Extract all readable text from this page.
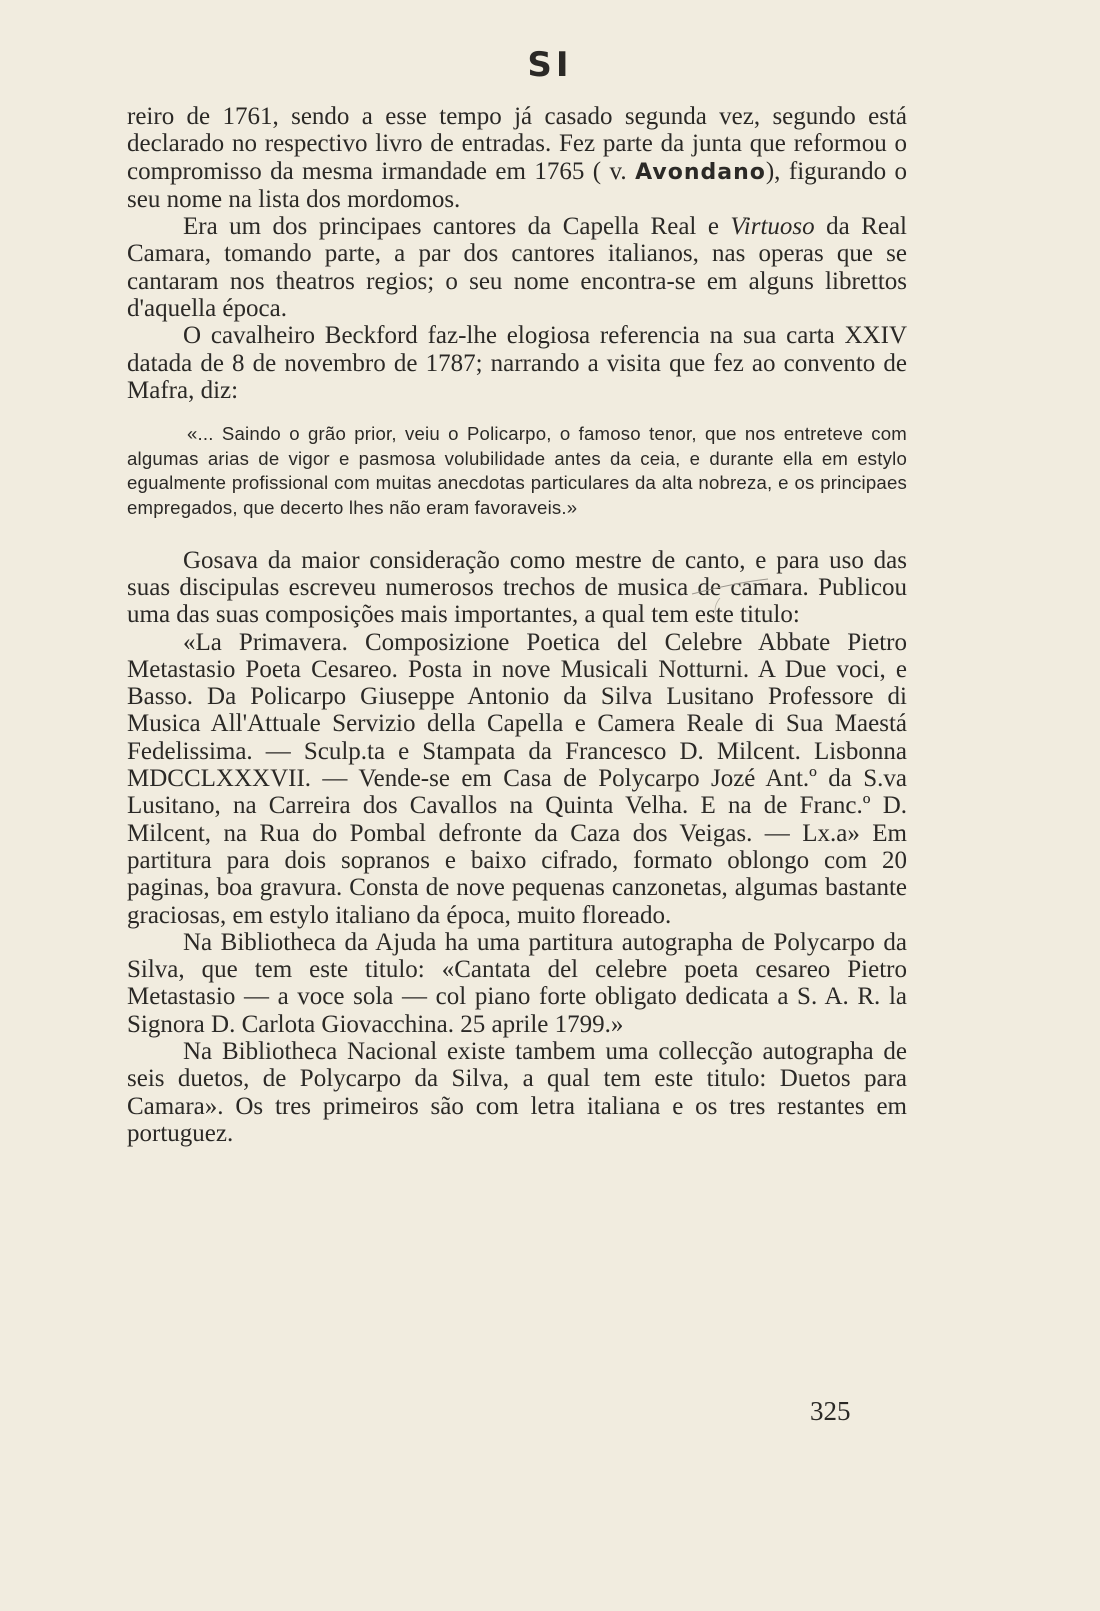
SI

reiro de 1761, sendo a esse tempo já casado segunda vez, segundo está declarado no respectivo livro de entradas. Fez parte da junta que reformou o compromisso da mesma irmandade em 1765 ( v. Avondano), figurando o seu nome na lista dos mordomos.

Era um dos principaes cantores da Capella Real e Virtuoso da Real Camara, tomando parte, a par dos cantores italianos, nas operas que se cantaram nos theatros regios; o seu nome encontra-se em alguns librettos d'aquella época.

O cavalheiro Beckford faz-lhe elogiosa referencia na sua carta XXIV datada de 8 de novembro de 1787; narrando a visita que fez ao convento de Mafra, diz:

«... Saindo o grão prior, veiu o Policarpo, o famoso tenor, que nos entreteve com algumas arias de vigor e pasmosa volubilidade antes da ceia, e durante ella em estylo egualmente profissional com muitas anecdotas particulares da alta nobreza, e os principaes empregados, que decerto lhes não eram favoraveis.»

Gosava da maior consideração como mestre de canto, e para uso das suas discipulas escreveu numerosos trechos de musica de camara. Publicou uma das suas composições mais importantes, a qual tem este titulo:

«La Primavera. Composizione Poetica del Celebre Abbate Pietro Metastasio Poeta Cesareo. Posta in nove Musicali Notturni. A Due voci, e Basso. Da Policarpo Giuseppe Antonio da Silva Lusitano Professore di Musica All'Attuale Servizio della Capella e Camera Reale di Sua Maestá Fedelissima. — Sculp.ta e Stampata da Francesco D. Milcent. Lisbonna MDCCLXXXVII. — Vende-se em Casa de Polycarpo Jozé Ant.º da S.va Lusitano, na Carreira dos Cavallos na Quinta Velha. E na de Franc.º D. Milcent, na Rua do Pombal defronte da Caza dos Veigas. — Lx.a» Em partitura para dois sopranos e baixo cifrado, formato oblongo com 20 paginas, boa gravura. Consta de nove pequenas canzonetas, algumas bastante graciosas, em estylo italiano da época, muito floreado.

Na Bibliotheca da Ajuda ha uma partitura autographa de Polycarpo da Silva, que tem este titulo: «Cantata del celebre poeta cesareo Pietro Metastasio — a voce sola — col piano forte obligato dedicata a S. A. R. la Signora D. Carlota Giovacchina. 25 aprile 1799.»

Na Bibliotheca Nacional existe tambem uma collecção autographa de seis duetos, de Polycarpo da Silva, a qual tem este titulo: Duetos para Camara». Os tres primeiros são com letra italiana e os tres restantes em portuguez.

325
